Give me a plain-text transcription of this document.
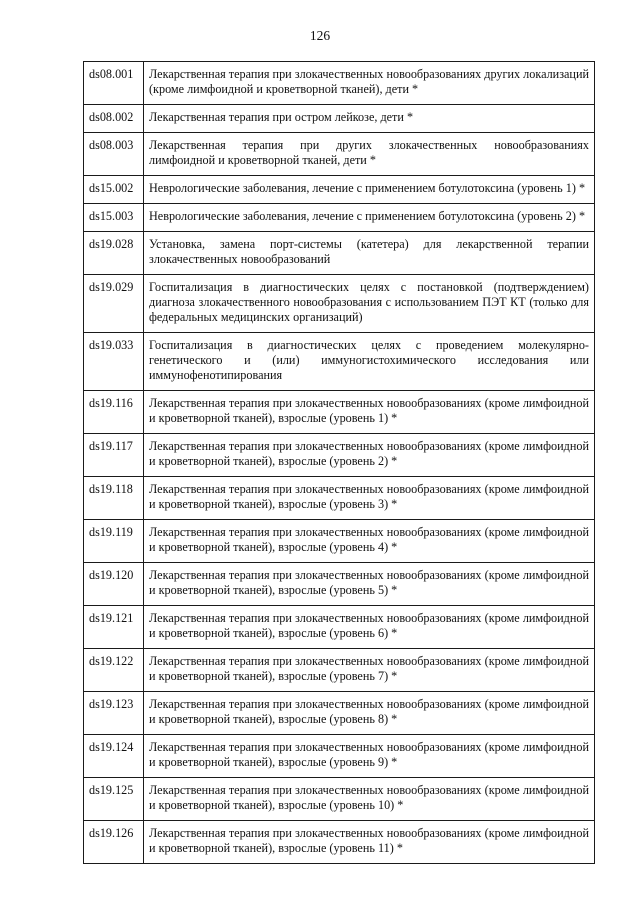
126
ds08.001	Лекарственная терапия при злокачественных новообразованиях других локализаций (кроме лимфоидной и кроветворной тканей), дети *
ds08.002	Лекарственная терапия при остром лейкозе, дети *
ds08.003	Лекарственная терапия при других злокачественных новообразованиях лимфоидной и кроветворной тканей, дети *
ds15.002	Неврологические заболевания, лечение с применением ботулотоксина (уровень 1) *
ds15.003	Неврологические заболевания, лечение с применением ботулотоксина (уровень 2) *
ds19.028	Установка, замена порт-системы (катетера) для лекарственной терапии злокачественных новообразований
ds19.029	Госпитализация в диагностических целях с постановкой (подтверждением) диагноза злокачественного новообразования с использованием ПЭТ КТ (только для федеральных медицинских организаций)
ds19.033	Госпитализация в диагностических целях с проведением молекулярно-генетического и (или) иммуногистохимического исследования или иммунофенотипирования
ds19.116	Лекарственная терапия при злокачественных новообразованиях (кроме лимфоидной и кроветворной тканей), взрослые (уровень 1) *
ds19.117	Лекарственная терапия при злокачественных новообразованиях (кроме лимфоидной и кроветворной тканей), взрослые (уровень 2) *
ds19.118	Лекарственная терапия при злокачественных новообразованиях (кроме лимфоидной и кроветворной тканей), взрослые (уровень 3) *
ds19.119	Лекарственная терапия при злокачественных новообразованиях (кроме лимфоидной и кроветворной тканей), взрослые (уровень 4) *
ds19.120	Лекарственная терапия при злокачественных новообразованиях (кроме лимфоидной и кроветворной тканей), взрослые (уровень 5) *
ds19.121	Лекарственная терапия при злокачественных новообразованиях (кроме лимфоидной и кроветворной тканей), взрослые (уровень 6) *
ds19.122	Лекарственная терапия при злокачественных новообразованиях (кроме лимфоидной и кроветворной тканей), взрослые (уровень 7) *
ds19.123	Лекарственная терапия при злокачественных новообразованиях (кроме лимфоидной и кроветворной тканей), взрослые (уровень 8) *
ds19.124	Лекарственная терапия при злокачественных новообразованиях (кроме лимфоидной и кроветворной тканей), взрослые (уровень 9) *
ds19.125	Лекарственная терапия при злокачественных новообразованиях (кроме лимфоидной и кроветворной тканей), взрослые (уровень 10) *
ds19.126	Лекарственная терапия при злокачественных новообразованиях (кроме лимфоидной и кроветворной тканей), взрослые (уровень 11) *
